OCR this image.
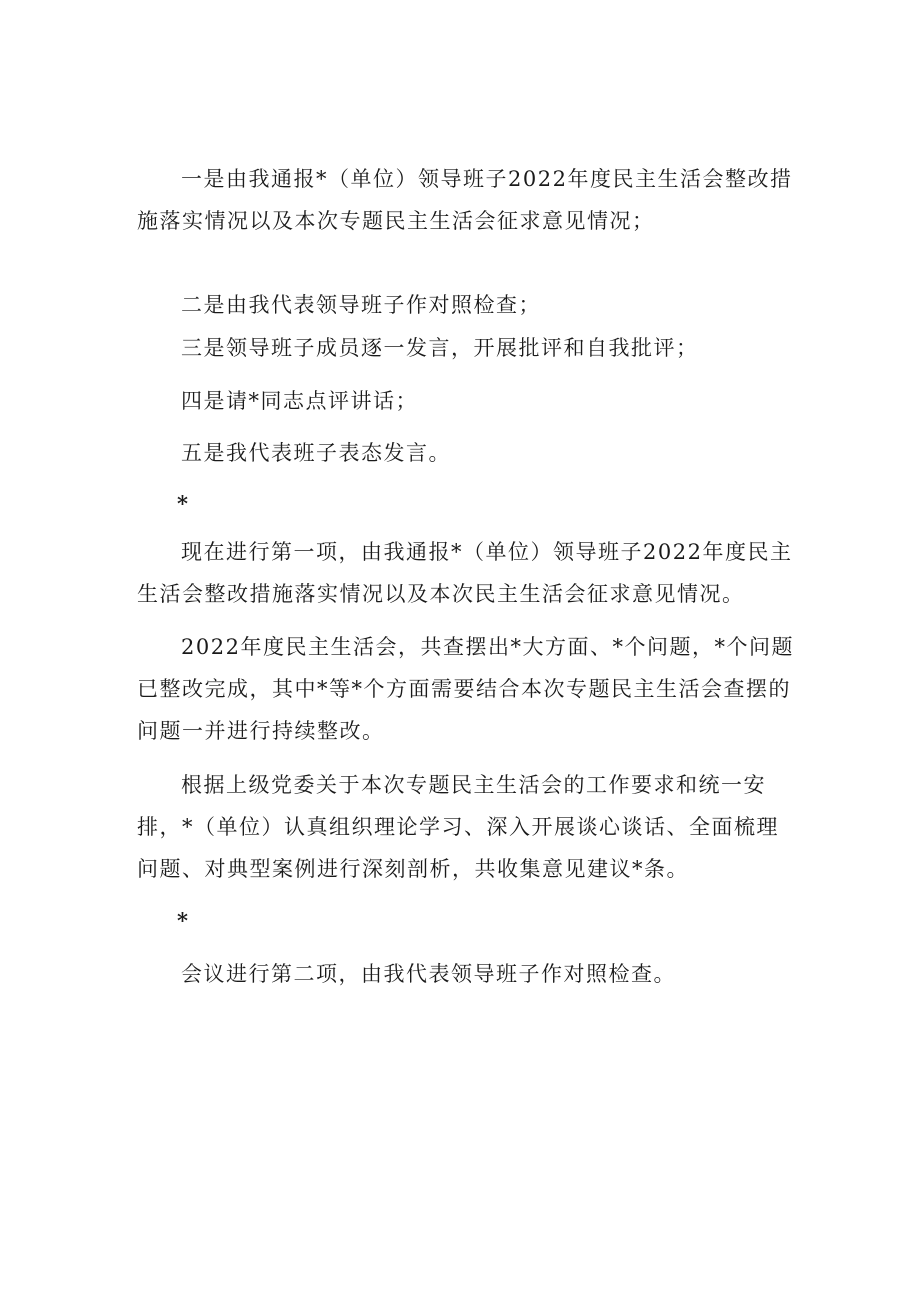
一是由我通报*（单位）领导班子2022年度民主生活会整改措施落实情况以及本次专题民主生活会征求意见情况；

二是由我代表领导班子作对照检查；

三是领导班子成员逐一发言，开展批评和自我批评；

四是请*同志点评讲话；

五是我代表班子表态发言。

*

现在进行第一项，由我通报*（单位）领导班子2022年度民主生活会整改措施落实情况以及本次民主生活会征求意见情况。

2022年度民主生活会，共查摆出*大方面、*个问题，*个问题已整改完成，其中*等*个方面需要结合本次专题民主生活会查摆的问题一并进行持续整改。

根据上级党委关于本次专题民主生活会的工作要求和统一安排，*（单位）认真组织理论学习、深入开展谈心谈话、全面梳理问题、对典型案例进行深刻剖析，共收集意见建议*条。

*

会议进行第二项，由我代表领导班子作对照检查。
